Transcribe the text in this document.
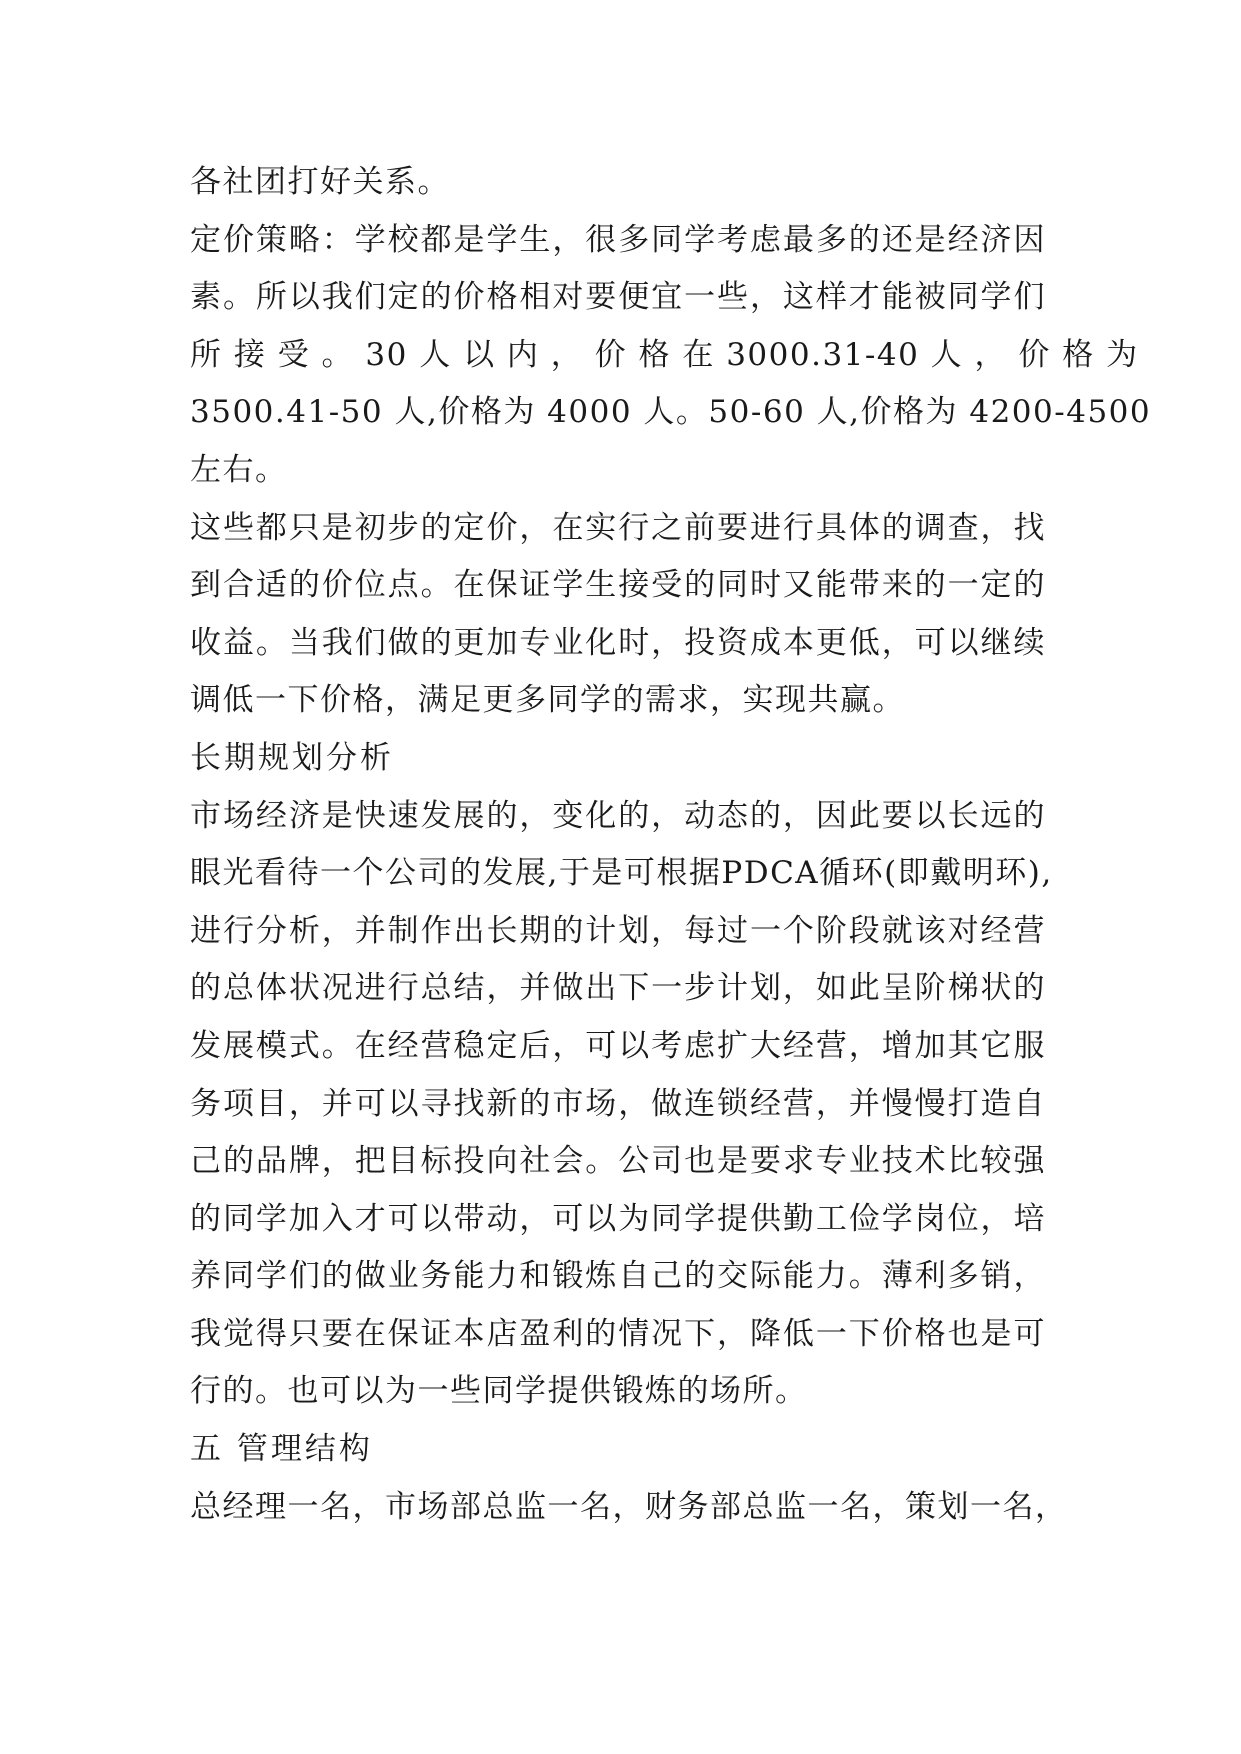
各社团打好关系。
定价策略：学校都是学生，很多同学考虑最多的还是经济因
素。所以我们定的价格相对要便宜一些，这样才能被同学们
所 接 受 。 30 人 以 内 ， 价 格 在 3000.31-40 人 ， 价 格 为
3500.41-50 人,价格为 4000 人。50-60 人,价格为 4200-4500
左右。
这些都只是初步的定价，在实行之前要进行具体的调查，找
到合适的价位点。在保证学生接受的同时又能带来的一定的
收益。当我们做的更加专业化时，投资成本更低，可以继续
调低一下价格，满足更多同学的需求，实现共赢。
长期规划分析
市场经济是快速发展的，变化的，动态的，因此要以长远的
眼光看待一个公司的发展,于是可根据PDCA循环(即戴明环),
进行分析，并制作出长期的计划，每过一个阶段就该对经营
的总体状况进行总结，并做出下一步计划，如此呈阶梯状的
发展模式。在经营稳定后，可以考虑扩大经营，增加其它服
务项目，并可以寻找新的市场，做连锁经营，并慢慢打造自
己的品牌，把目标投向社会。公司也是要求专业技术比较强
的同学加入才可以带动，可以为同学提供勤工俭学岗位，培
养同学们的做业务能力和锻炼自己的交际能力。薄利多销，
我觉得只要在保证本店盈利的情况下，降低一下价格也是可
行的。也可以为一些同学提供锻炼的场所。
五 管理结构
总经理一名，市场部总监一名，财务部总监一名，策划一名，
